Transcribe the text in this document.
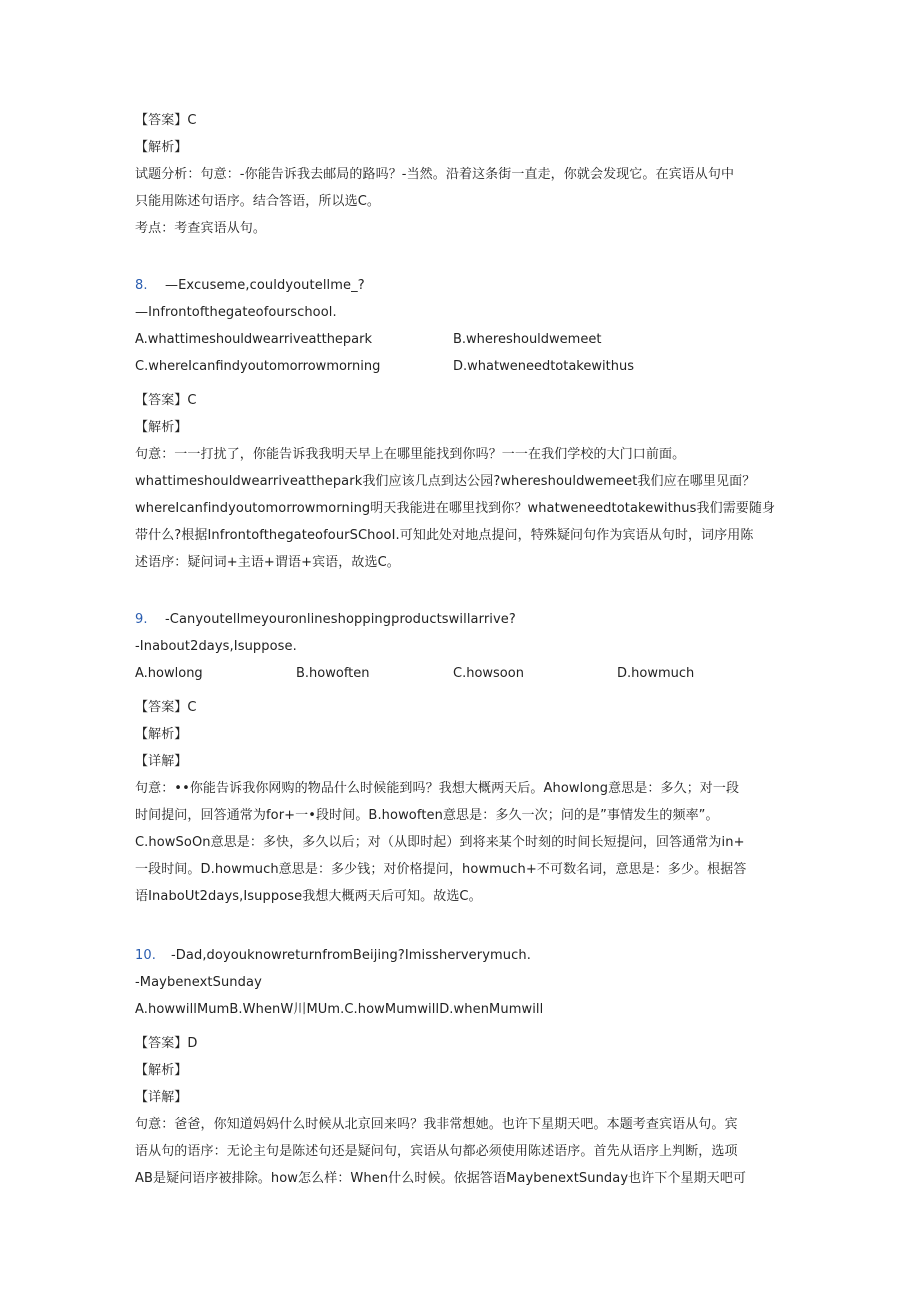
【答案】C
【解析】
试题分析：句意：-你能告诉我去邮局的路吗？-当然。沿着这条街一直走，你就会发现它。在宾语从句中
只能用陈述句语序。结合答语，所以选C。
考点：考查宾语从句。
8. —Excuseme,couldyoutellme_?
—Infrontofthegateofourschool.
A.whattimeshouldwearriveatthepark	B.whereshouldwemeet
C.whereIcanfindyoutomorrowmorning	D.whatweneedtotakewithus
【答案】C
【解析】
句意：一一打扰了，你能告诉我我明天早上在哪里能找到你吗？一一在我们学校的大门口前面。
whattimeshouldwearriveatthepark我们应该几点到达公园?whereshouldwemeet我们应在哪里见面？
whereIcanfindyoutomorrowmorning明天我能进在哪里找到你？whatweneedtotakewithus我们需要随身
带什么?根据InfrontofthegateofourSChooI.可知此处对地点提问，特殊疑问句作为宾语从句时，词序用陈
述语序：疑问词+主语+谓语+宾语，故选C。
9. -Canyoutellmeyouronlineshoppingproductswillarrive?
-Inabout2days,Isuppose.
A.howlong	B.howoften	C.howsoon	D.howmuch
【答案】C
【解析】
【详解】
句意：••你能告诉我你网购的物品什么时候能到吗？我想大概两天后。Ahowlong意思是：多久；对一段
时间提问，回答通常为for+一•段时间。B.howoften意思是：多久一次；问的是”事情发生的频率”。
C.howSoOn意思是：多快，多久以后；对（从即时起）到将来某个时刻的时间长短提问，回答通常为in+
一段时间。D.howmuch意思是：多少钱；对价格提问，howmuch+不可数名词，意思是：多少。根据答
语InaboUt2days,Isuppose我想大概两天后可知。故选C。
10. -Dad,doyouknowreturnfromBeijing?Imissherverymuch.
-MaybenextSunday
A.howwillMumB.WhenW川MUm.C.howMumwillD.whenMumwill
【答案】D
【解析】
【详解】
句意：爸爸，你知道妈妈什么时候从北京回来吗？我非常想她。也许下星期天吧。本题考查宾语从句。宾
语从句的语序：无论主句是陈述句还是疑问句，宾语从句都必须使用陈述语序。首先从语序上判断，选项
AB是疑问语序被排除。how怎么样：When什么时候。依据答语MaybenextSunday也许下个星期天吧可
